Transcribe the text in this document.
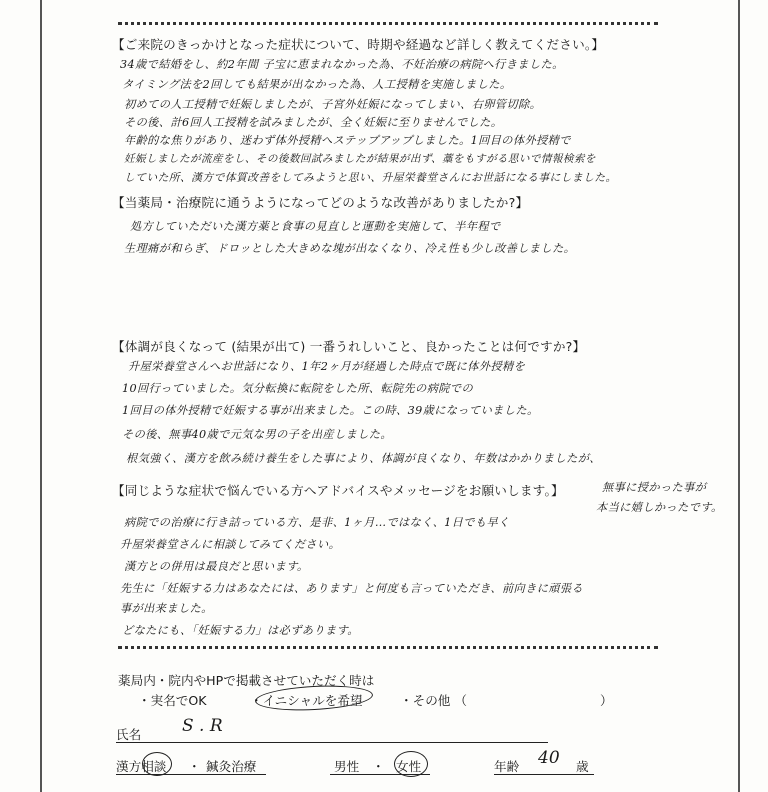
【ご来院のきっかけとなった症状について、時期や経過など詳しく教えてください。】
34歳で結婚をし、約2年間 子宝に恵まれなかった為、不妊治療の病院へ行きました。
タイミング法を2回しても結果が出なかった為、人工授精を実施しました。
初めての人工授精で妊娠しましたが、子宮外妊娠になってしまい、右卵管切除。
その後、計6回人工授精を試みましたが、全く妊娠に至りませんでした。
年齢的な焦りがあり、迷わず体外授精へステップアップしました。1回目の体外授精で
妊娠しましたが流産をし、その後数回試みましたが結果が出ず、藁をもすがる思いで情報検索を
していた所、漢方で体質改善をしてみようと思い、升屋栄養堂さんにお世話になる事にしました。
【当薬局・治療院に通うようになってどのような改善がありましたか?】
処方していただいた漢方薬と食事の見直しと運動を実施して、半年程で
生理痛が和らぎ、ドロッとした大きめな塊が出なくなり、冷え性も少し改善しました。
【体調が良くなって (結果が出て) 一番うれしいこと、良かったことは何ですか?】
升屋栄養堂さんへお世話になり、1年2ヶ月が経過した時点で既に体外授精を
10回行っていました。気分転換に転院をした所、転院先の病院での
1回目の体外授精で妊娠する事が出来ました。この時、39歳になっていました。
その後、無事40歳で元気な男の子を出産しました。
根気強く、漢方を飲み続け養生をした事により、体調が良くなり、年数はかかりましたが、
無事に授かった事が
本当に嬉しかったです。
【同じような症状で悩んでいる方へアドバイスやメッセージをお願いします。】
病院での治療に行き詰っている方、是非、1ヶ月…ではなく、1日でも早く
升屋栄養堂さんに相談してみてください。
漢方との併用は最良だと思います。
先生に「妊娠する力はあなたには、あります」と何度も言っていただき、前向きに頑張る
事が出来ました。
どなたにも、「妊娠する力」は必ずあります。
薬局内・院内やHPで掲載させていただく時は
・実名でOK	・イニシャルを希望	・その他 （	）
氏名 S . R
漢方相談 ・ 鍼灸治療	男性 ・ 女性	年齢 40 歳
